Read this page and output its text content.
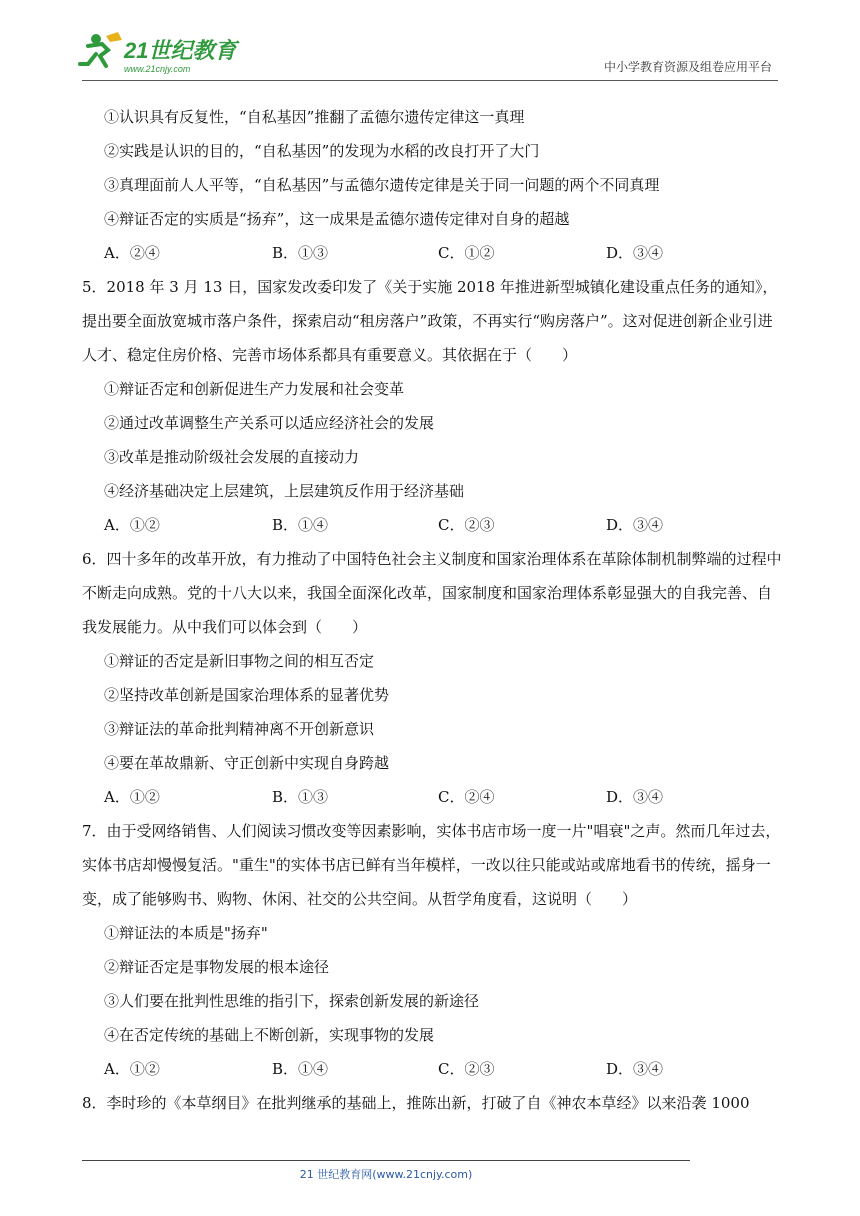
21世纪教育
www.21cnjy.com	中小学教育资源及组卷应用平台
①认识具有反复性，“自私基因”推翻了孟德尔遗传定律这一真理
②实践是认识的目的，“自私基因”的发现为水稻的改良打开了大门
③真理面前人人平等，“自私基因”与孟德尔遗传定律是关于同一问题的两个不同真理
④辩证否定的实质是“扬弃”，这一成果是孟德尔遗传定律对自身的超越
A．②④	B．①③	C．①②	D．③④
5．2018 年 3 月 13 日，国家发改委印发了《关于实施 2018 年推进新型城镇化建设重点任务的通知》，提出要全面放宽城市落户条件，探索启动“租房落户”政策，不再实行“购房落户”。这对促进创新企业引进人才、稳定住房价格、完善市场体系都具有重要意义。其依据在于（　　）
①辩证否定和创新促进生产力发展和社会变革
②通过改革调整生产关系可以适应经济社会的发展
③改革是推动阶级社会发展的直接动力
④经济基础决定上层建筑，上层建筑反作用于经济基础
A．①②	B．①④	C．②③	D．③④
6．四十多年的改革开放，有力推动了中国特色社会主义制度和国家治理体系在革除体制机制弊端的过程中不断走向成熟。党的十八大以来，我国全面深化改革，国家制度和国家治理体系彰显强大的自我完善、自我发展能力。从中我们可以体会到（　　）
①辩证的否定是新旧事物之间的相互否定
②坚持改革创新是国家治理体系的显著优势
③辩证法的革命批判精神离不开创新意识
④要在革故鼎新、守正创新中实现自身跨越
A．①②	B．①③	C．②④	D．③④
7．由于受网络销售、人们阅读习惯改变等因素影响，实体书店市场一度一片"唱衰"之声。然而几年过去，实体书店却慢慢复活。"重生"的实体书店已鲜有当年模样，一改以往只能或站或席地看书的传统，摇身一变，成了能够购书、购物、休闲、社交的公共空间。从哲学角度看，这说明（　　）
①辩证法的本质是"扬弃"
②辩证否定是事物发展的根本途径
③人们要在批判性思维的指引下，探索创新发展的新途径
④在否定传统的基础上不断创新，实现事物的发展
A．①②	B．①④	C．②③	D．③④
8．李时珍的《本草纲目》在批判继承的基础上，推陈出新，打破了自《神农本草经》以来沿袭 1000
21 世纪教育网(www.21cnjy.com)
